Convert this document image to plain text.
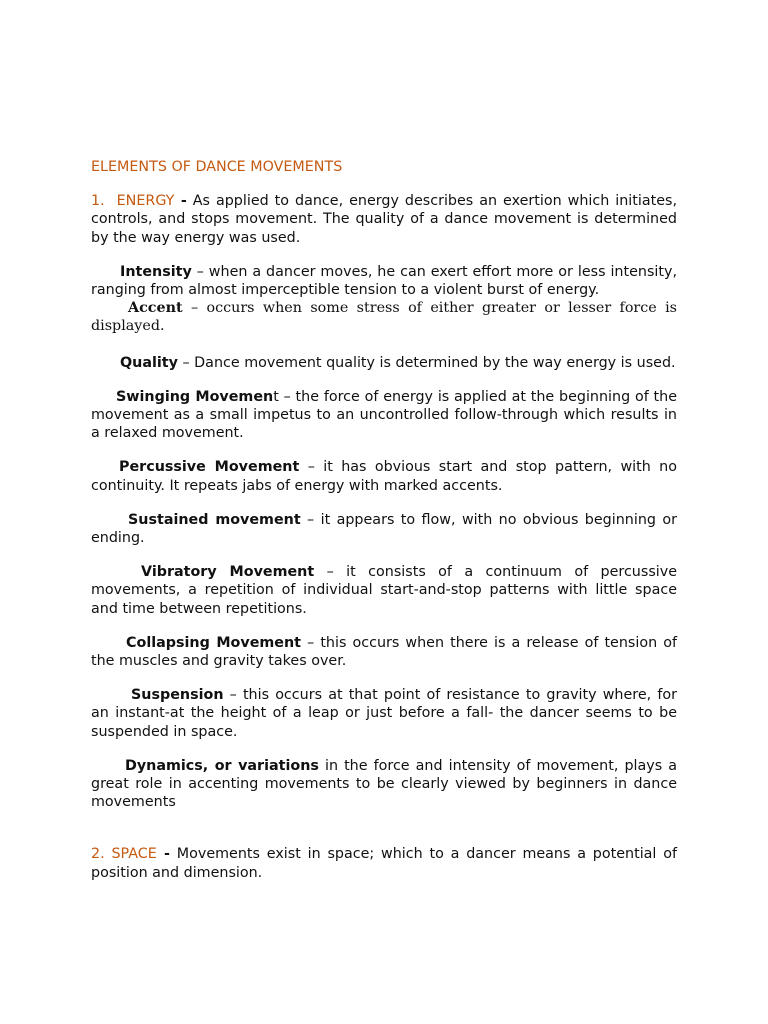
ELEMENTS OF DANCE MOVEMENTS

1. ENERGY - As applied to dance, energy describes an exertion which initiates, controls, and stops movement. The quality of a dance movement is determined by the way energy was used.

Intensity – when a dancer moves, he can exert effort more or less intensity, ranging from almost imperceptible tension to a violent burst of energy.

Accent – occurs when some stress of either greater or lesser force is displayed.

Quality – Dance movement quality is determined by the way energy is used.

Swinging Movement – the force of energy is applied at the beginning of the movement as a small impetus to an uncontrolled follow-through which results in a relaxed movement.

Percussive Movement – it has obvious start and stop pattern, with no continuity. It repeats jabs of energy with marked accents.

Sustained movement – it appears to flow, with no obvious beginning or ending.

Vibratory Movement – it consists of a continuum of percussive movements, a repetition of individual start-and-stop patterns with little space and time between repetitions.

Collapsing Movement – this occurs when there is a release of tension of the muscles and gravity takes over.

Suspension – this occurs at that point of resistance to gravity where, for an instant-at the height of a leap or just before a fall- the dancer seems to be suspended in space.

Dynamics, or variations in the force and intensity of movement, plays a great role in accenting movements to be clearly viewed by beginners in dance movements

2. SPACE - Movements exist in space; which to a dancer means a potential of position and dimension.
